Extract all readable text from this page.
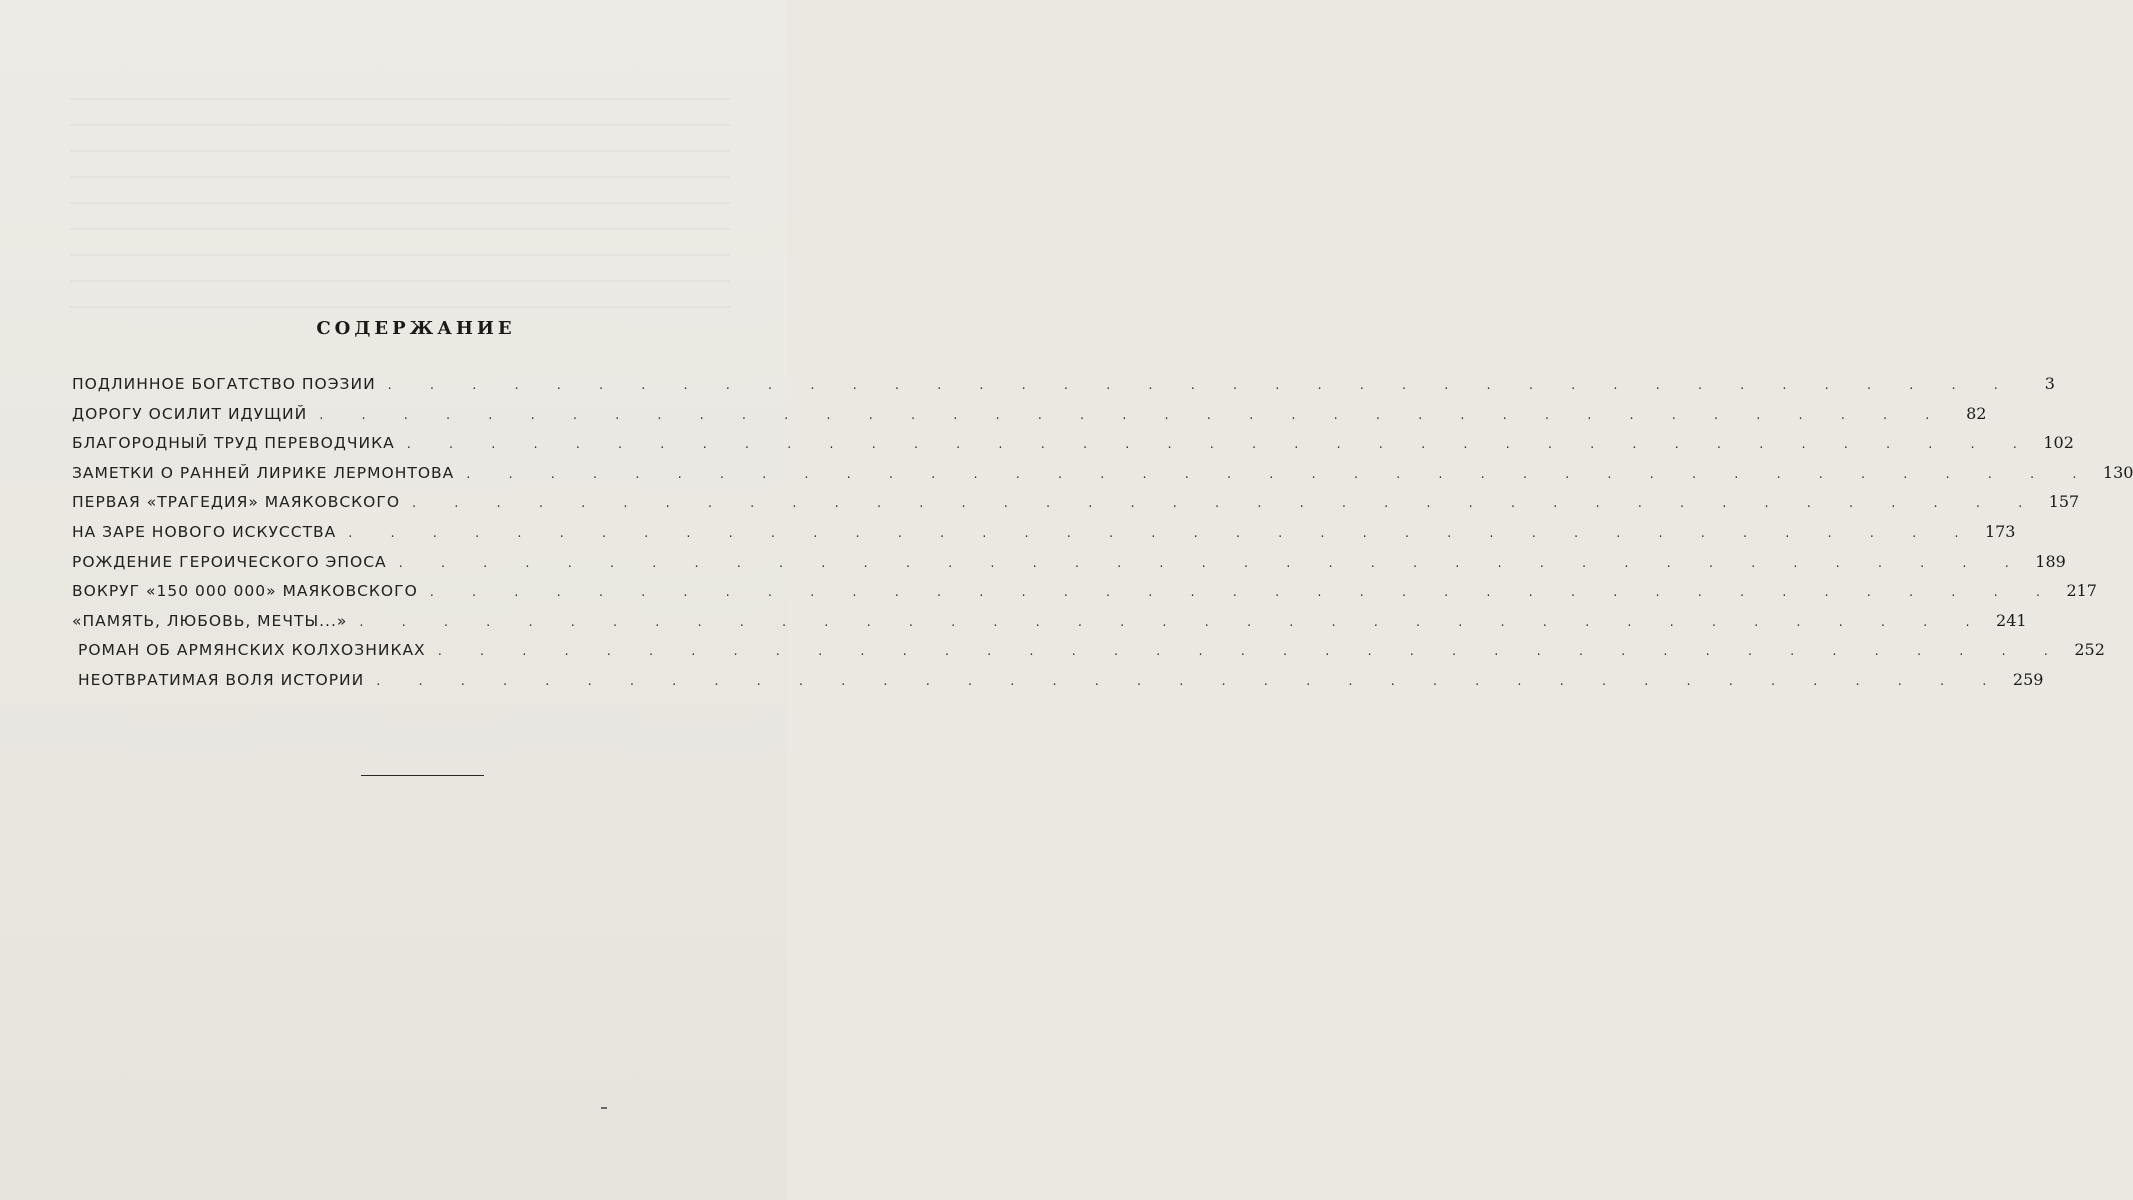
СОДЕРЖАНИЕ
ПОДЛИННОЕ БОГАТСТВО ПОЭЗИИ . . . . . . . . . . . . . . . . . . . . . . . . . . . . . . . . . . . . . . .	3
ДОРОГУ ОСИЛИТ ИДУЩИЙ . . . . . . . . . . . . . . . . . . . . . . . . . . . . . . . . . . . . . . .	82
БЛАГОРОДНЫЙ ТРУД ПЕРЕВОДЧИКА . . . . . . . . . . . . . . . . . . . . . . . . . . . . . . . . . . . . . . . 102
ЗАМЕТКИ О РАННЕЙ ЛИРИКЕ ЛЕРМОНТОВА . . . . . . . . . . . . . . . . . . . . . . . . . . . . . . . . . . . . . . . 130
ПЕРВАЯ «ТРАГЕДИЯ» МАЯКОВСКОГО . . . . . . . . . . . . . . . . . . . . . . . . . . . . . . . . . . . . . . . 157
НА ЗАРЕ НОВОГО ИСКУССТВА . . . . . . . . . . . . . . . . . . . . . . . . . . . . . . . . . . . . . . . 173
РОЖДЕНИЕ ГЕРОИЧЕСКОГО ЭПОСА . . . . . . . . . . . . . . . . . . . . . . . . . . . . . . . . . . . . . . . 189
ВОКРУГ «150 000 000» МАЯКОВСКОГО . . . . . . . . . . . . . . . . . . . . . . . . . . . . . . . . . . . . . . . 217
«ПАМЯТЬ, ЛЮБОВЬ, МЕЧТЫ...» . . . . . . . . . . . . . . . . . . . . . . . . . . . . . . . . . . . . . . . 241
РОМАН ОБ АРМЯНСКИХ КОЛХОЗНИКАХ . . . . . . . . . . . . . . . . . . . . . . . . . . . . . . . . . . . . . . . 252
НЕОТВРАТИМАЯ ВОЛЯ ИСТОРИИ . . . . . . . . . . . . . . . . . . . . . . . . . . . . . . . . . . . . . . . 259
